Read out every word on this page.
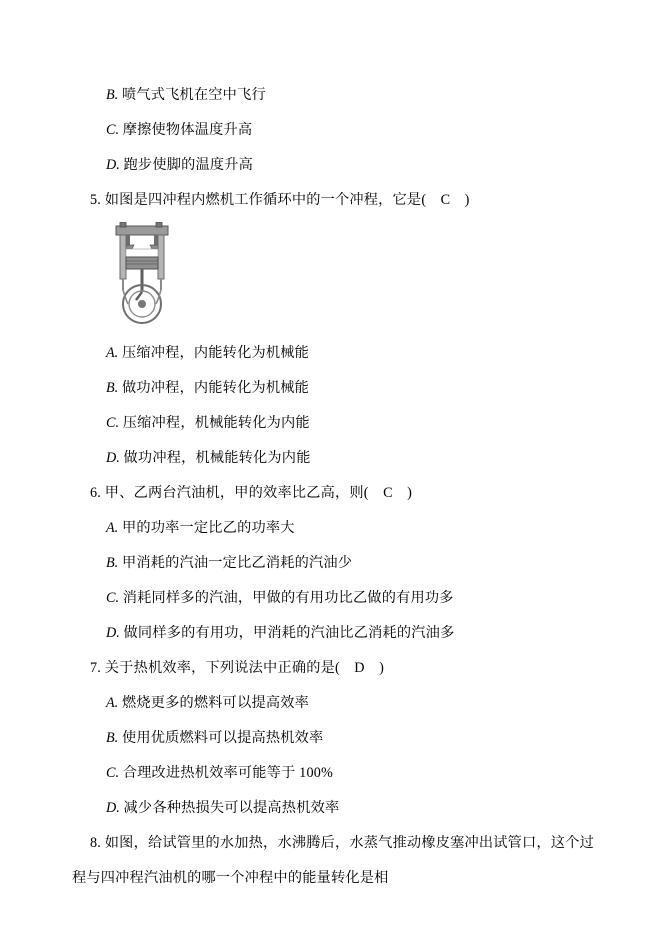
B. 喷气式飞机在空中飞行
C. 摩擦使物体温度升高
D. 跑步使脚的温度升高
5. 如图是四冲程内燃机工作循环中的一个冲程，它是(　C　)
A. 压缩冲程，内能转化为机械能
B. 做功冲程，内能转化为机械能
C. 压缩冲程，机械能转化为内能
D. 做功冲程，机械能转化为内能
6. 甲、乙两台汽油机，甲的效率比乙高，则(　C　)
A. 甲的功率一定比乙的功率大
B. 甲消耗的汽油一定比乙消耗的汽油少
C. 消耗同样多的汽油，甲做的有用功比乙做的有用功多
D. 做同样多的有用功，甲消耗的汽油比乙消耗的汽油多
7. 关于热机效率，下列说法中正确的是(　D　)
A. 燃烧更多的燃料可以提高效率
B. 使用优质燃料可以提高热机效率
C. 合理改进热机效率可能等于 100%
D. 减少各种热损失可以提高热机效率
8. 如图，给试管里的水加热，水沸腾后，水蒸气推动橡皮塞冲出试管口，这个过程与四冲程汽油机的哪一个冲程中的能量转化是相
